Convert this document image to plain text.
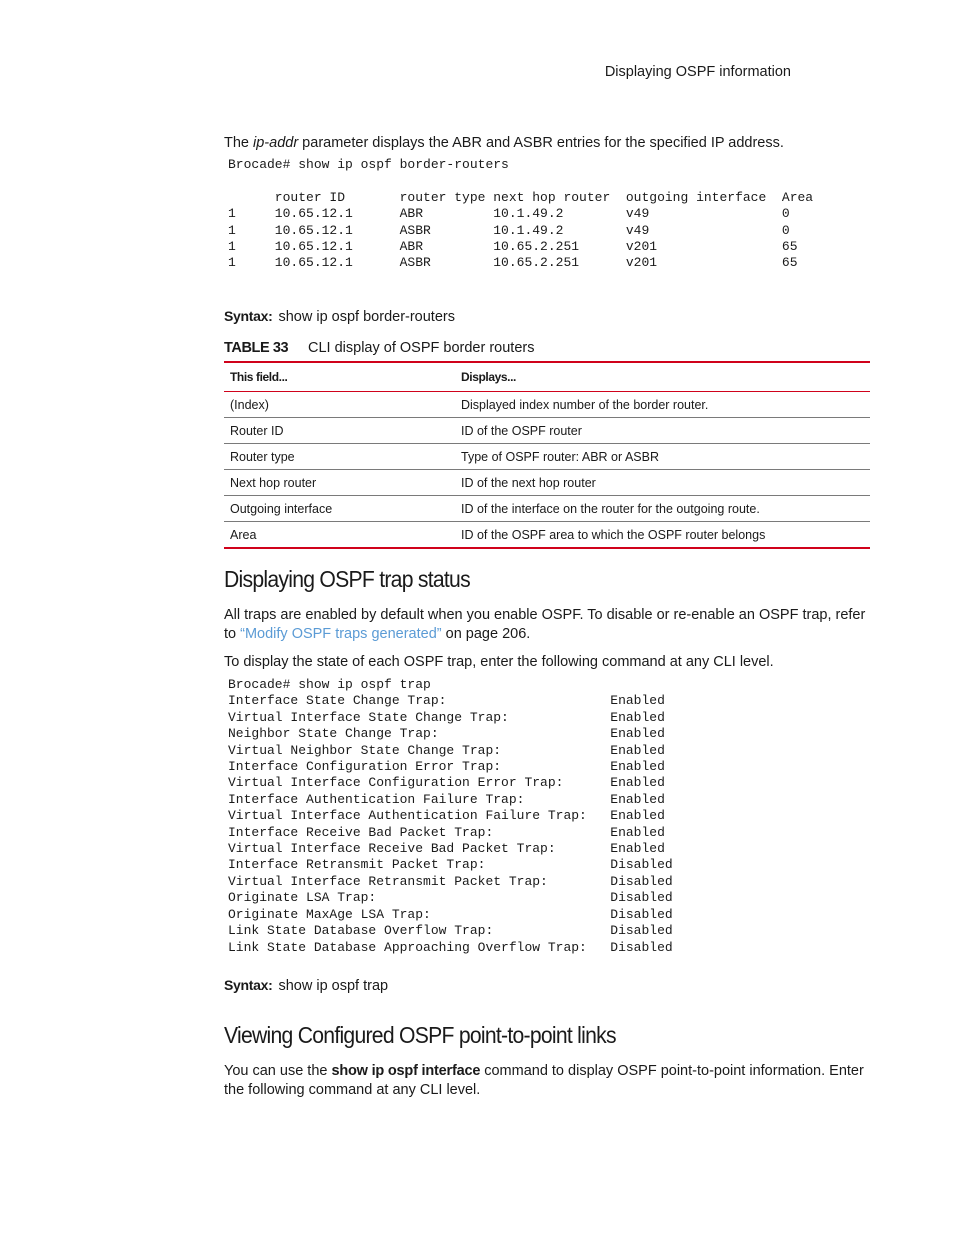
Displaying OSPF information
The ip-addr parameter displays the ABR and ASBR entries for the specified IP address.
Brocade# show ip ospf border-routers

router ID       router type next hop router  outgoing interface  Area
1     10.65.12.1      ABR         10.1.49.2        v49                 0
1     10.65.12.1      ASBR        10.1.49.2        v49                 0
1     10.65.12.1      ABR         10.65.2.251      v201                65
1     10.65.12.1      ASBR        10.65.2.251      v201                65
Syntax: show ip ospf border-routers
TABLE 33 CLI display of OSPF border routers
This field...	Displays...
(Index)	Displayed index number of the border router.
Router ID	ID of the OSPF router
Router type	Type of OSPF router: ABR or ASBR
Next hop router	ID of the next hop router
Outgoing interface	ID of the interface on the router for the outgoing route.
Area	ID of the OSPF area to which the OSPF router belongs
Displaying OSPF trap status
All traps are enabled by default when you enable OSPF. To disable or re-enable an OSPF trap, refer to “Modify OSPF traps generated” on page 206.
To display the state of each OSPF trap, enter the following command at any CLI level.
Brocade# show ip ospf trap
Interface State Change Trap:                     Enabled
Virtual Interface State Change Trap:             Enabled
Neighbor State Change Trap:                      Enabled
Virtual Neighbor State Change Trap:              Enabled
Interface Configuration Error Trap:              Enabled
Virtual Interface Configuration Error Trap:      Enabled
Interface Authentication Failure Trap:           Enabled
Virtual Interface Authentication Failure Trap:   Enabled
Interface Receive Bad Packet Trap:               Enabled
Virtual Interface Receive Bad Packet Trap:       Enabled
Interface Retransmit Packet Trap:                Disabled
Virtual Interface Retransmit Packet Trap:        Disabled
Originate LSA Trap:                              Disabled
Originate MaxAge LSA Trap:                       Disabled
Link State Database Overflow Trap:               Disabled
Link State Database Approaching Overflow Trap:   Disabled
Syntax: show ip ospf trap
Viewing Configured OSPF point-to-point links
You can use the show ip ospf interface command to display OSPF point-to-point information. Enter the following command at any CLI level.
